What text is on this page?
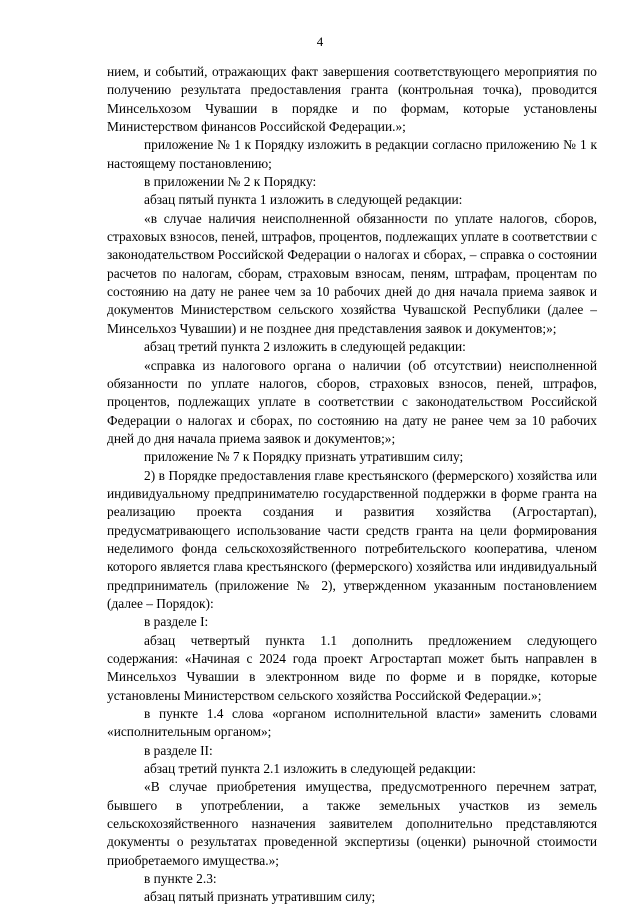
4

нием, и событий, отражающих факт завершения соответствующего мероприятия по получению результата предоставления гранта (контрольная точка), проводится Минсельхозом Чувашии в порядке и по формам, которые установлены Министерством финансов Российской Федерации.»;

приложение № 1 к Порядку изложить в редакции согласно приложению № 1 к настоящему постановлению;

в приложении № 2 к Порядку:

абзац пятый пункта 1 изложить в следующей редакции:

«в случае наличия неисполненной обязанности по уплате налогов, сборов, страховых взносов, пеней, штрафов, процентов, подлежащих уплате в соответствии с законодательством Российской Федерации о налогах и сборах, – справка о состоянии расчетов по налогам, сборам, страховым взносам, пеням, штрафам, процентам по состоянию на дату не ранее чем за 10 рабочих дней до дня начала приема заявок и документов Министерством сельского хозяйства Чувашской Республики (далее – Минсельхоз Чувашии) и не позднее дня представления заявок и документов;»;

абзац третий пункта 2 изложить в следующей редакции:

«справка из налогового органа о наличии (об отсутствии) неисполненной обязанности по уплате налогов, сборов, страховых взносов, пеней, штрафов, процентов, подлежащих уплате в соответствии с законодательством Российской Федерации о налогах и сборах, по состоянию на дату не ранее чем за 10 рабочих дней до дня начала приема заявок и документов;»;

приложение № 7 к Порядку признать утратившим силу;

2) в Порядке предоставления главе крестьянского (фермерского) хозяйства или индивидуальному предпринимателю государственной поддержки в форме гранта на реализацию проекта создания и развития хозяйства (Агростартап), предусматривающего использование части средств гранта на цели формирования неделимого фонда сельскохозяйственного потребительского кооператива, членом которого является глава крестьянского (фермерского) хозяйства или индивидуальный предприниматель (приложение № 2), утвержденном указанным постановлением (далее – Порядок):

в разделе I:

абзац четвертый пункта 1.1 дополнить предложением следующего содержания: «Начиная с 2024 года проект Агростартап может быть направлен в Минсельхоз Чувашии в электронном виде по форме и в порядке, которые установлены Министерством сельского хозяйства Российской Федерации.»;

в пункте 1.4 слова «органом исполнительной власти» заменить словами «исполнительным органом»;

в разделе II:

абзац третий пункта 2.1 изложить в следующей редакции:

«В случае приобретения имущества, предусмотренного перечнем затрат, бывшего в употреблении, а также земельных участков из земель сельскохозяйственного назначения заявителем дополнительно представляются документы о результатах проведенной экспертизы (оценки) рыночной стоимости приобретаемого имущества.»;

в пункте 2.3:

абзац пятый признать утратившим силу;
